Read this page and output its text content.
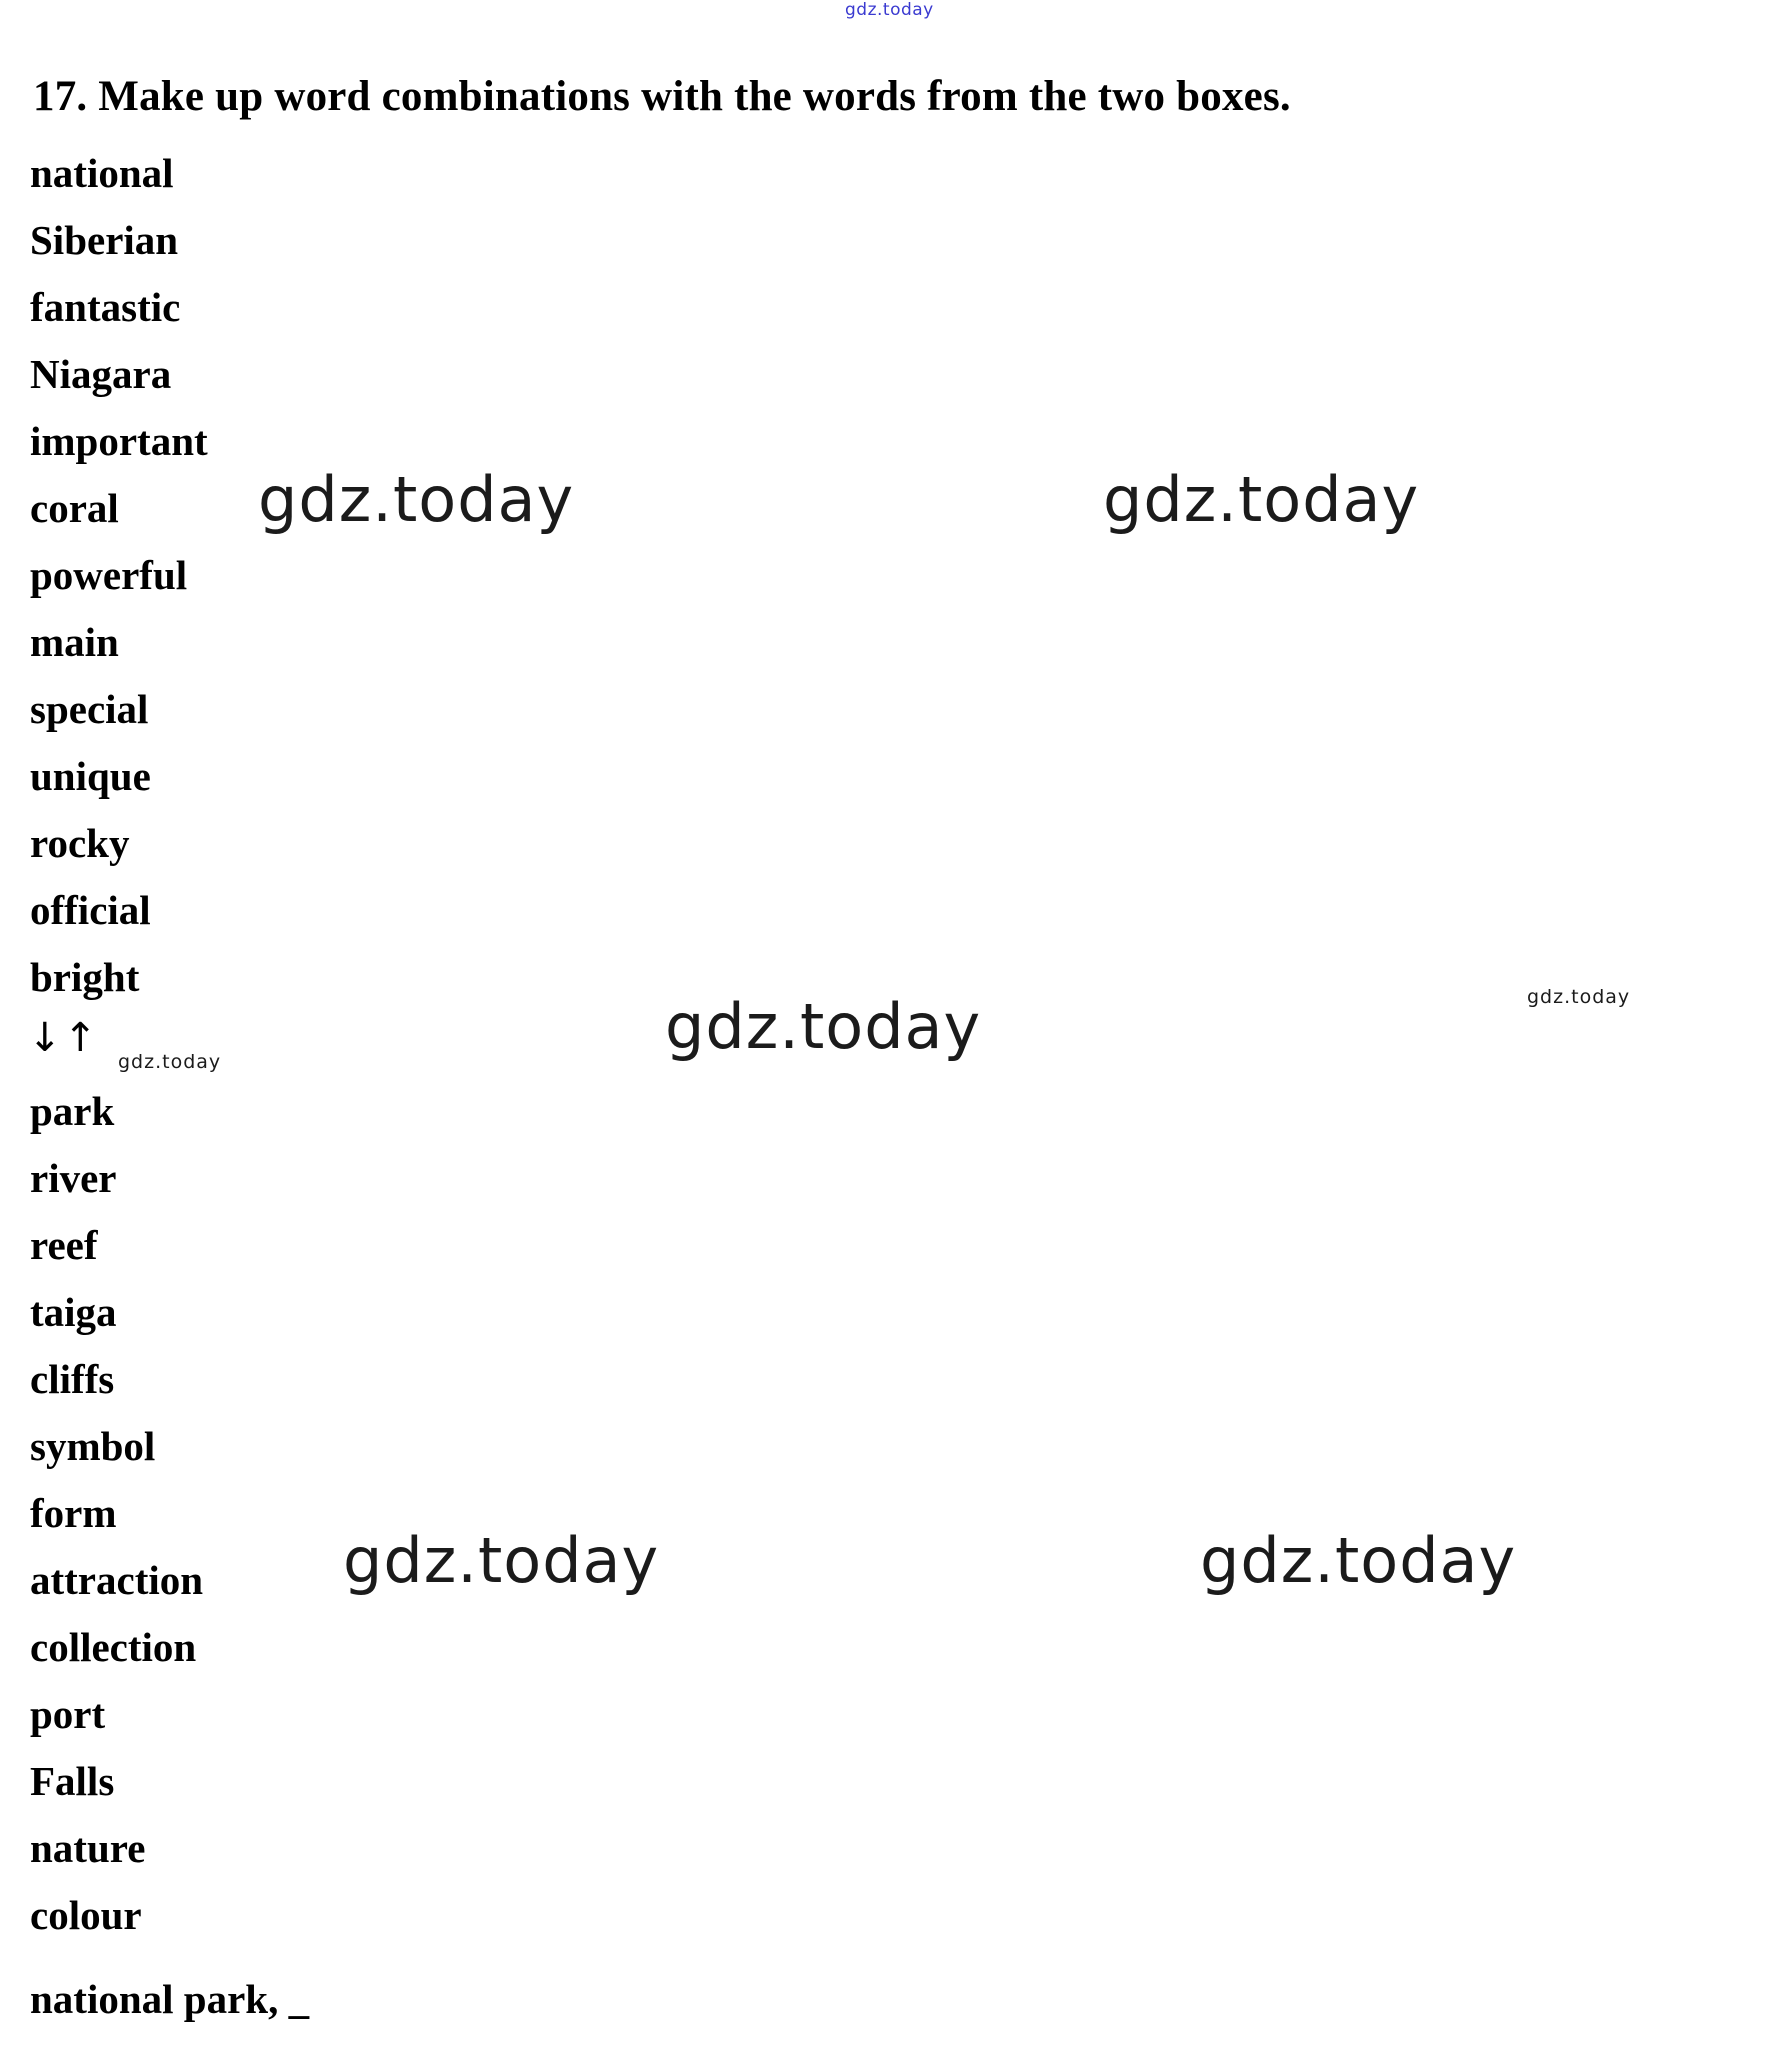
gdz.today
gdz.today	gdz.today
gdz.today
gdz.today	gdz.today
gdz.today
gdz.today
17. Make up word combinations with the words from the two boxes.
national
Siberian
fantastic
Niagara
important
coral
powerful
main
special
unique
rocky
official
bright
↓↑
park
river
reef
taiga
cliffs
symbol
form
attraction
collection
port
Falls
nature
colour
national park, _
